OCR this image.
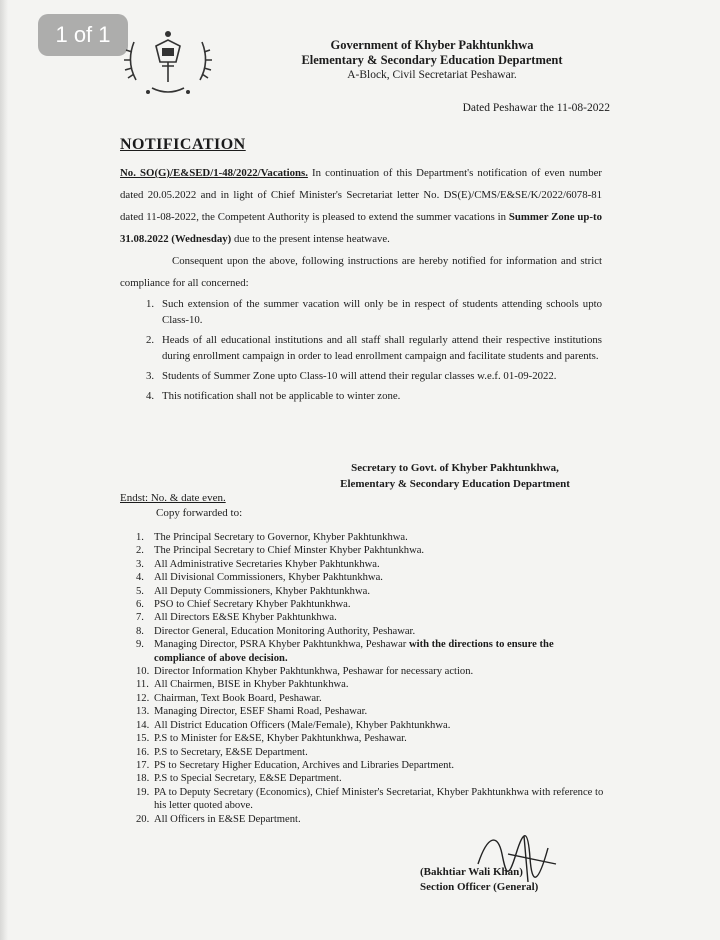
1 of 1	Government of Khyber Pakhtunkhwa
Elementary & Secondary Education Department
A-Block, Civil Secretariat Peshawar.
Dated Peshawar the 11-08-2022
NOTIFICATION

No. SO(G)/E&SED/1-48/2022/Vacations. In continuation of this Department's notification of even number dated 20.05.2022 and in light of Chief Minister's Secretariat letter No. DS(E)/CMS/E&SE/K/2022/6078-81 dated 11-08-2022, the Competent Authority is pleased to extend the summer vacations in Summer Zone up-to 31.08.2022 (Wednesday) due to the present intense heatwave.

Consequent upon the above, following instructions are hereby notified for information and strict compliance for all concerned:

1. Such extension of the summer vacation will only be in respect of students attending schools upto Class-10.
2. Heads of all educational institutions and all staff shall regularly attend their respective institutions during enrollment campaign in order to lead enrollment campaign and facilitate students and parents.
3. Students of Summer Zone upto Class-10 will attend their regular classes w.e.f. 01-09-2022.
4. This notification shall not be applicable to winter zone.
Secretary to Govt. of Khyber Pakhtunkhwa,
Elementary & Secondary Education Department
Endst: No. & date even.
Copy forwarded to:
1. The Principal Secretary to Governor, Khyber Pakhtunkhwa.
2. The Principal Secretary to Chief Minster Khyber Pakhtunkhwa.
3. All Administrative Secretaries Khyber Pakhtunkhwa.
4. All Divisional Commissioners, Khyber Pakhtunkhwa.
5. All Deputy Commissioners, Khyber Pakhtunkhwa.
6. PSO to Chief Secretary Khyber Pakhtunkhwa.
7. All Directors E&SE Khyber Pakhtunkhwa.
8. Director General, Education Monitoring Authority, Peshawar.
9. Managing Director, PSRA Khyber Pakhtunkhwa, Peshawar with the directions to ensure the compliance of above decision.
10. Director Information Khyber Pakhtunkhwa, Peshawar for necessary action.
11. All Chairmen, BISE in Khyber Pakhtunkhwa.
12. Chairman, Text Book Board, Peshawar.
13. Managing Director, ESEF Shami Road, Peshawar.
14. All District Education Officers (Male/Female), Khyber Pakhtunkhwa.
15. P.S to Minister for E&SE, Khyber Pakhtunkhwa, Peshawar.
16. P.S to Secretary, E&SE Department.
17. PS to Secretary Higher Education, Archives and Libraries Department.
18. P.S to Special Secretary, E&SE Department.
19. PA to Deputy Secretary (Economics), Chief Minister's Secretariat, Khyber Pakhtunkhwa with reference to his letter quoted above.
20. All Officers in E&SE Department.
(Bakhtiar Wali Khan)
Section Officer (General)
